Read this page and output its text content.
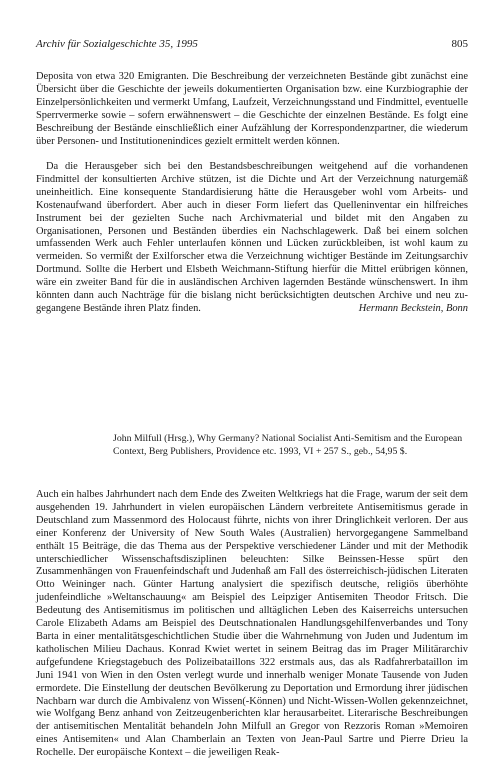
Archiv für Sozialgeschichte 35, 1995	805

Deposita von etwa 320 Emigranten. Die Beschreibung der verzeichneten Bestände gibt zunächst eine Übersicht über die Geschichte der jeweils dokumentierten Organisation bzw. eine Kurzbiographie der Einzelpersönlichkeiten und vermerkt Umfang, Laufzeit, Verzeichnungsstand und Findmittel, eventuelle Sperrvermerke sowie – sofern erwähnenswert – die Geschichte der einzelnen Bestände. Es folgt eine Beschreibung der Bestände einschließlich einer Aufzählung der Korrespondenzpartner, die wiederum über Personen- und Institutionenindices gezielt ermittelt werden können.

Da die Herausgeber sich bei den Bestandsbeschreibungen weitgehend auf die vorhandenen Findmittel der konsultierten Archive stützen, ist die Dichte und Art der Verzeichnung naturgemäß uneinheitlich. Eine konsequente Standardisierung hätte die Herausgeber wohl vom Arbeits- und Kostenaufwand überfordert. Aber auch in dieser Form liefert das Quelleninventar ein hilfreiches Instrument bei der gezielten Suche nach Archivmaterial und bildet mit den Angaben zu Organisationen, Personen und Beständen überdies ein Nachschlagewerk. Daß bei einem solchen umfassenden Werk auch Fehler unterlaufen können und Lücken zurückbleiben, ist wohl kaum zu vermeiden. So vermißt der Exilforscher etwa die Verzeichnung wichtiger Bestände im Zeitungsarchiv Dortmund. Sollte die Herbert und Elsbeth Weichmann-Stiftung hierfür die Mittel erübrigen können, wäre ein zweiter Band für die in ausländischen Archiven lagernden Bestände wünschenswert. In ihm könnten dann auch Nachträge für die bislang nicht berücksichtigten deutschen Archive und neu zugegangene Bestände ihren Platz finden.	Hermann Beckstein, Bonn

John Milfull (Hrsg.), Why Germany? National Socialist Anti-Semitism and the European Context, Berg Publishers, Providence etc. 1993, VI + 257 S., geb., 54,95 $.

Auch ein halbes Jahrhundert nach dem Ende des Zweiten Weltkriegs hat die Frage, warum der seit dem ausgehenden 19. Jahrhundert in vielen europäischen Ländern verbreitete Antisemitismus gerade in Deutschland zum Massenmord des Holocaust führte, nichts von ihrer Dringlichkeit verloren. Der aus einer Konferenz der University of New South Wales (Australien) hervorgegangene Sammelband enthält 15 Beiträge, die das Thema aus der Perspektive verschiedener Länder und mit der Methodik unterschiedlicher Wissenschaftsdisziplinen beleuchten: Silke Beinssen-Hesse spürt den Zusammenhängen von Frauenfeindschaft und Judenhaß am Fall des österreichisch-jüdischen Literaten Otto Weininger nach. Günter Hartung analysiert die spezifisch deutsche, religiös überhöhte judenfeindliche »Weltanschauung« am Beispiel des Leipziger Antisemiten Theodor Fritsch. Die Bedeutung des Antisemitismus im politischen und alltäglichen Leben des Kaiserreichs untersuchen Carole Elizabeth Adams am Beispiel des Deutschnationalen Handlungsgehilfenverbandes und Tony Barta in einer mentalitätsgeschichtlichen Studie über die Wahrnehmung von Juden und Judentum im katholischen Milieu Dachaus. Konrad Kwiet wertet in seinem Beitrag das im Prager Militärarchiv aufgefundene Kriegstagebuch des Polizeibataillons 322 erstmals aus, das als Radfahrerbataillon im Juni 1941 von Wien in den Osten verlegt wurde und innerhalb weniger Monate Tausende von Juden ermordete. Die Einstellung der deutschen Bevölkerung zu Deportation und Ermordung ihrer jüdischen Nachbarn war durch die Ambivalenz von Wissen(-Können) und Nicht-Wissen-Wollen gekennzeichnet, wie Wolfgang Benz anhand von Zeitzeugenberichten klar herausarbeitet. Literarische Beschreibungen der antisemitischen Mentalität behandeln John Milfull an Gregor von Rezzoris Roman »Memoiren eines Antisemiten« und Alan Chamberlain an Texten von Jean-Paul Sartre und Pierre Drieu la Rochelle. Der europäische Kontext – die jeweiligen Reak-
